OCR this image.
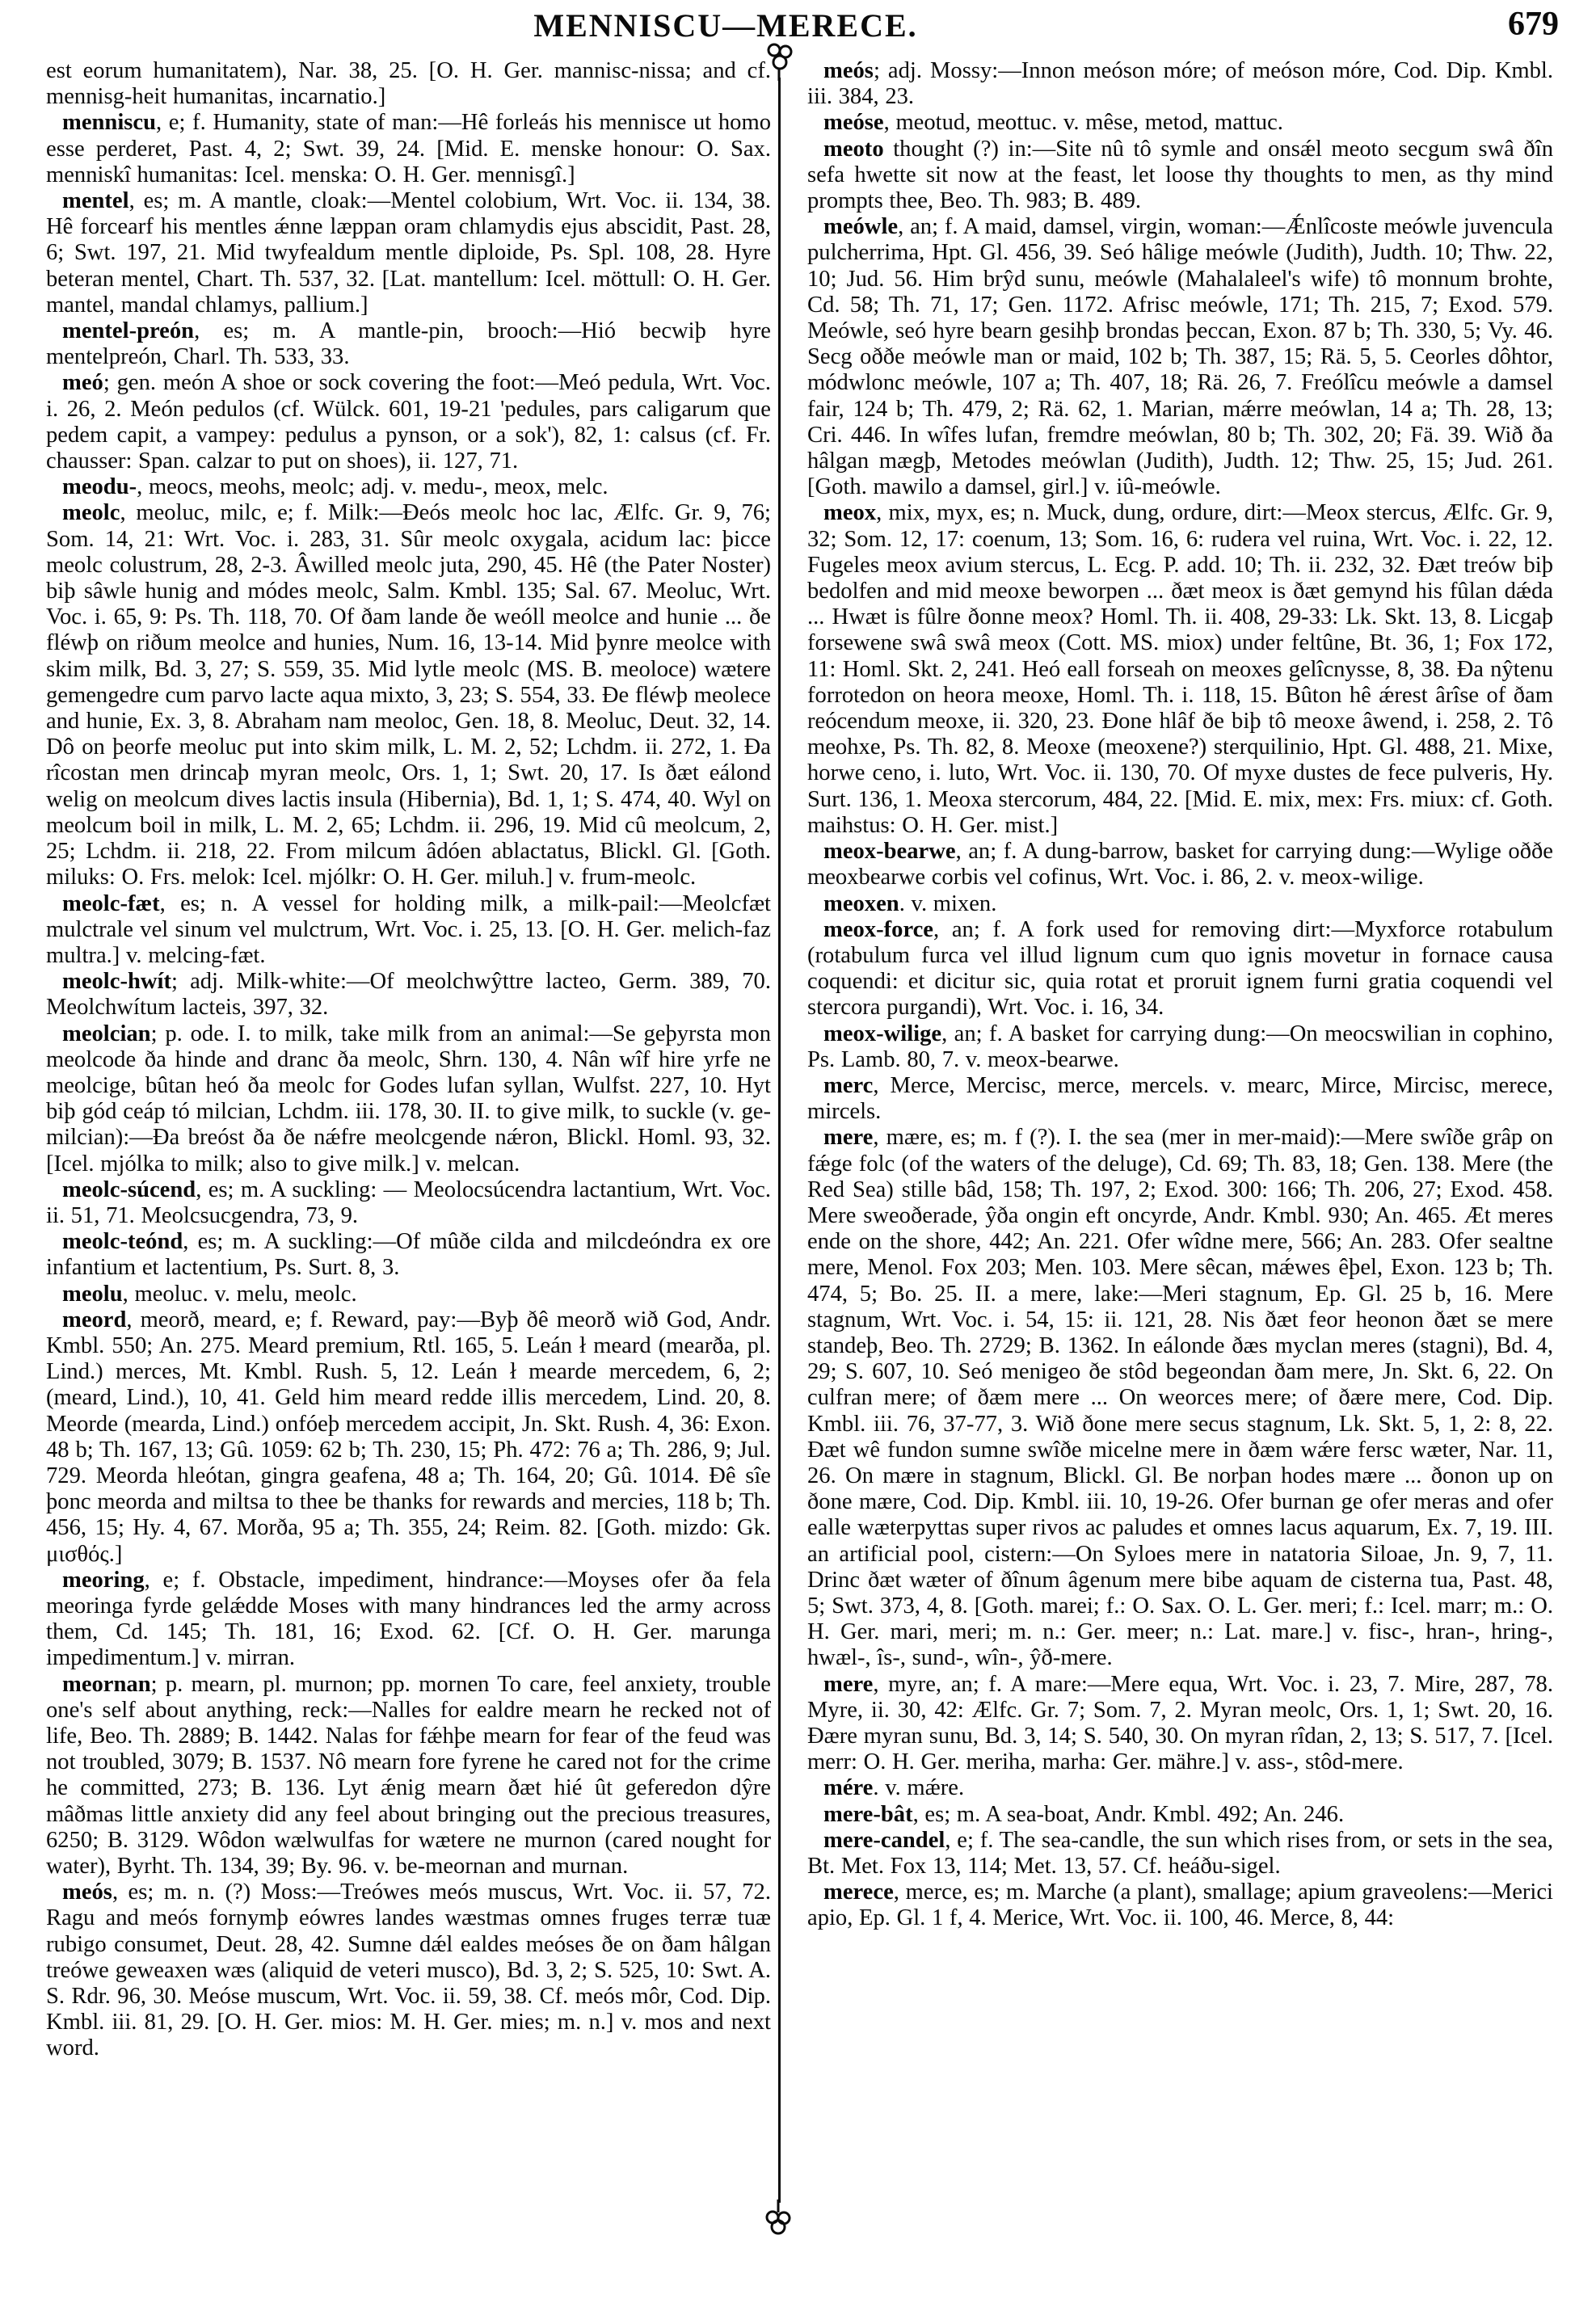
MENNISCU—MERECE.	679

est eorum humanitatem), Nar. 38, 25. [O. H. Ger. mannisc-nissa; and cf. mennisg-heit humanitas, incarnatio.]

menniscu, e; f. Humanity, state of man:—Hê forleás his mennisce ut homo esse perderet, Past. 4, 2; Swt. 39, 24. [Mid. E. menske honour: O. Sax. menniskî humanitas: Icel. menska: O. H. Ger. mennisgî.]

mentel, es; m. A mantle, cloak:—Mentel colobium, Wrt. Voc. ii. 134, 38. Hê forcearf his mentles ǽnne læppan oram chlamydis ejus abscidit, Past. 28, 6; Swt. 197, 21. Mid twyfealdum mentle diploide, Ps. Spl. 108, 28. Hyre beteran mentel, Chart. Th. 537, 32. [Lat. mantellum: Icel. möttull: O. H. Ger. mantel, mandal chlamys, pallium.]

mentel-preón, es; m. A mantle-pin, brooch:—Hió becwiþ hyre mentelpreón, Charl. Th. 533, 33.

meó; gen. meón A shoe or sock covering the foot:—Meó pedula, Wrt. Voc. i. 26, 2. Meón pedulos (cf. Wülck. 601, 19-21 'pedules, pars caligarum que pedem capit, a vampey: pedulus a pynson, or a sok'), 82, 1: calsus (cf. Fr. chausser: Span. calzar to put on shoes), ii. 127, 71.

meodu-, meocs, meohs, meolc; adj. v. medu-, meox, melc.

meolc, meoluc, milc, e; f. Milk:—Ðeós meolc hoc lac, Ælfc. Gr. 9, 76; Som. 14, 21: Wrt. Voc. i. 283, 31. Sûr meolc oxygala, acidum lac: þicce meolc colustrum, 28, 2-3. Âwilled meolc juta, 290, 45. Hê (the Pater Noster) biþ sâwle hunig and módes meolc, Salm. Kmbl. 135; Sal. 67. Meoluc, Wrt. Voc. i. 65, 9: Ps. Th. 118, 70. Of ðam lande ðe weóll meolce and hunie ... ðe fléwþ on riðum meolce and hunies, Num. 16, 13-14. Mid þynre meolce with skim milk, Bd. 3, 27; S. 559, 35. Mid lytle meolc (MS. B. meoloce) wætere gemengedre cum parvo lacte aqua mixto, 3, 23; S. 554, 33. Ðe fléwþ meolece and hunie, Ex. 3, 8. Abraham nam meoloc, Gen. 18, 8. Meoluc, Deut. 32, 14. Dô on þeorfe meoluc put into skim milk, L. M. 2, 52; Lchdm. ii. 272, 1. Ða rîcostan men drincaþ myran meolc, Ors. 1, 1; Swt. 20, 17. Is ðæt eálond welig on meolcum dives lactis insula (Hibernia), Bd. 1, 1; S. 474, 40. Wyl on meolcum boil in milk, L. M. 2, 65; Lchdm. ii. 296, 19. Mid cû meolcum, 2, 25; Lchdm. ii. 218, 22. From milcum âdóen ablactatus, Blickl. Gl. [Goth. miluks: O. Frs. melok: Icel. mjólkr: O. H. Ger. miluh.] v. frum-meolc.

meolc-fæt, es; n. A vessel for holding milk, a milk-pail:—Meolcfæt mulctrale vel sinum vel mulctrum, Wrt. Voc. i. 25, 13. [O. H. Ger. melich-faz multra.] v. melcing-fæt.

meolc-hwít; adj. Milk-white:—Of meolchwŷttre lacteo, Germ. 389, 70. Meolchwítum lacteis, 397, 32.

meolcian; p. ode. I. to milk, take milk from an animal:—Se geþyrsta mon meolcode ða hinde and dranc ða meolc, Shrn. 130, 4. Nân wîf hire yrfe ne meolcige, bûtan heó ða meolc for Godes lufan syllan, Wulfst. 227, 10. Hyt biþ gód ceáp tó milcian, Lchdm. iii. 178, 30. II. to give milk, to suckle (v. ge-milcian):—Ða breóst ða ðe nǽfre meolcgende nǽron, Blickl. Homl. 93, 32. [Icel. mjólka to milk; also to give milk.] v. melcan.

meolc-súcend, es; m. A suckling: — Meolocsúcendra lactantium, Wrt. Voc. ii. 51, 71. Meolcsucgendra, 73, 9.

meolc-teónd, es; m. A suckling:—Of mûðe cilda and milcdeóndra ex ore infantium et lactentium, Ps. Surt. 8, 3.

meolu, meoluc. v. melu, meolc.

meord, meorð, meard, e; f. Reward, pay:—Byþ ðê meorð wið God, Andr. Kmbl. 550; An. 275. Meard premium, Rtl. 165, 5. Leán ł meard (mearða, pl. Lind.) merces, Mt. Kmbl. Rush. 5, 12. Leán ł mearde mercedem, 6, 2; (meard, Lind.), 10, 41. Geld him meard redde illis mercedem, Lind. 20, 8. Meorde (mearda, Lind.) onfóeþ mercedem accipit, Jn. Skt. Rush. 4, 36: Exon. 48 b; Th. 167, 13; Gû. 1059: 62 b; Th. 230, 15; Ph. 472: 76 a; Th. 286, 9; Jul. 729. Meorda hleótan, gingra geafena, 48 a; Th. 164, 20; Gû. 1014. Ðê sîe þonc meorda and miltsa to thee be thanks for rewards and mercies, 118 b; Th. 456, 15; Hy. 4, 67. Morða, 95 a; Th. 355, 24; Reim. 82. [Goth. mizdo: Gk. μισθός.]

meoring, e; f. Obstacle, impediment, hindrance:—Moyses ofer ða fela meoringa fyrde gelǽdde Moses with many hindrances led the army across them, Cd. 145; Th. 181, 16; Exod. 62. [Cf. O. H. Ger. marunga impedimentum.] v. mirran.

meornan; p. mearn, pl. murnon; pp. mornen To care, feel anxiety, trouble one's self about anything, reck:—Nalles for ealdre mearn he recked not of life, Beo. Th. 2889; B. 1442. Nalas for fǽhþe mearn for fear of the feud was not troubled, 3079; B. 1537. Nô mearn fore fyrene he cared not for the crime he committed, 273; B. 136. Lyt ǽnig mearn ðæt hié ût geferedon dŷre mâðmas little anxiety did any feel about bringing out the precious treasures, 6250; B. 3129. Wôdon wælwulfas for wætere ne murnon (cared nought for water), Byrht. Th. 134, 39; By. 96. v. be-meornan and murnan.

meós, es; m. n. (?) Moss:—Treówes meós muscus, Wrt. Voc. ii. 57, 72. Ragu and meós fornymþ eówres landes wæstmas omnes fruges terræ tuæ rubigo consumet, Deut. 28, 42. Sumne dǽl ealdes meóses ðe on ðam hâlgan treówe geweaxen wæs (aliquid de veteri musco), Bd. 3, 2; S. 525, 10: Swt. A. S. Rdr. 96, 30. Meóse muscum, Wrt. Voc. ii. 59, 38. Cf. meós môr, Cod. Dip. Kmbl. iii. 81, 29. [O. H. Ger. mios: M. H. Ger. mies; m. n.] v. mos and next word.

meós; adj. Mossy:—Innon meóson móre; of meóson móre, Cod. Dip. Kmbl. iii. 384, 23.

meóse, meotud, meottuc. v. mêse, metod, mattuc.

meoto thought (?) in:—Site nû tô symle and onsǽl meoto secgum swâ ðîn sefa hwette sit now at the feast, let loose thy thoughts to men, as thy mind prompts thee, Beo. Th. 983; B. 489.

meówle, an; f. A maid, damsel, virgin, woman:—Ǽnlîcoste meówle juvencula pulcherrima, Hpt. Gl. 456, 39. Seó hâlige meówle (Judith), Judth. 10; Thw. 22, 10; Jud. 56. Him brŷd sunu, meówle (Mahalaleel's wife) tô monnum brohte, Cd. 58; Th. 71, 17; Gen. 1172. Afrisc meówle, 171; Th. 215, 7; Exod. 579. Meówle, seó hyre bearn gesihþ brondas þeccan, Exon. 87 b; Th. 330, 5; Vy. 46. Secg oððe meówle man or maid, 102 b; Th. 387, 15; Rä. 5, 5. Ceorles dôhtor, módwlonc meówle, 107 a; Th. 407, 18; Rä. 26, 7. Freólîcu meówle a damsel fair, 124 b; Th. 479, 2; Rä. 62, 1. Marian, mǽrre meówlan, 14 a; Th. 28, 13; Cri. 446. In wîfes lufan, fremdre meówlan, 80 b; Th. 302, 20; Fä. 39. Wið ða hâlgan mægþ, Metodes meówlan (Judith), Judth. 12; Thw. 25, 15; Jud. 261. [Goth. mawilo a damsel, girl.] v. iû-meówle.

meox, mix, myx, es; n. Muck, dung, ordure, dirt:—Meox stercus, Ælfc. Gr. 9, 32; Som. 12, 17: coenum, 13; Som. 16, 6: rudera vel ruina, Wrt. Voc. i. 22, 12. Fugeles meox avium stercus, L. Ecg. P. add. 10; Th. ii. 232, 32. Ðæt treów biþ bedolfen and mid meoxe beworpen ... ðæt meox is ðæt gemynd his fûlan dǽda ... Hwæt is fûlre ðonne meox? Homl. Th. ii. 408, 29-33: Lk. Skt. 13, 8. Licgaþ forsewene swâ swâ meox (Cott. MS. miox) under feltûne, Bt. 36, 1; Fox 172, 11: Homl. Skt. 2, 241. Heó eall forseah on meoxes gelîcnysse, 8, 38. Ða nŷtenu forrotedon on heora meoxe, Homl. Th. i. 118, 15. Bûton hê ǽrest ârîse of ðam reócendum meoxe, ii. 320, 23. Ðone hlâf ðe biþ tô meoxe âwend, i. 258, 2. Tô meohxe, Ps. Th. 82, 8. Meoxe (meoxene?) sterquilinio, Hpt. Gl. 488, 21. Mixe, horwe ceno, i. luto, Wrt. Voc. ii. 130, 70. Of myxe dustes de fece pulveris, Hy. Surt. 136, 1. Meoxa stercorum, 484, 22. [Mid. E. mix, mex: Frs. miux: cf. Goth. maihstus: O. H. Ger. mist.]

meox-bearwe, an; f. A dung-barrow, basket for carrying dung:—Wylige oððe meoxbearwe corbis vel cofinus, Wrt. Voc. i. 86, 2. v. meox-wilige.

meoxen. v. mixen.

meox-force, an; f. A fork used for removing dirt:—Myxforce rotabulum (rotabulum furca vel illud lignum cum quo ignis movetur in fornace causa coquendi: et dicitur sic, quia rotat et proruit ignem furni gratia coquendi vel stercora purgandi), Wrt. Voc. i. 16, 34.

meox-wilige, an; f. A basket for carrying dung:—On meocswilian in cophino, Ps. Lamb. 80, 7. v. meox-bearwe.

merc, Merce, Mercisc, merce, mercels. v. mearc, Mirce, Mircisc, merece, mircels.

mere, mære, es; m. f (?). I. the sea (mer in mer-maid):—Mere swîðe grâp on fǽge folc (of the waters of the deluge), Cd. 69; Th. 83, 18; Gen. 138. Mere (the Red Sea) stille bâd, 158; Th. 197, 2; Exod. 300: 166; Th. 206, 27; Exod. 458. Mere sweoðerade, ŷða ongin eft oncyrde, Andr. Kmbl. 930; An. 465. Æt meres ende on the shore, 442; An. 221. Ofer wîdne mere, 566; An. 283. Ofer sealtne mere, Menol. Fox 203; Men. 103. Mere sêcan, mǽwes êþel, Exon. 123 b; Th. 474, 5; Bo. 25. II. a mere, lake:—Meri stagnum, Ep. Gl. 25 b, 16. Mere stagnum, Wrt. Voc. i. 54, 15: ii. 121, 28. Nis ðæt feor heonon ðæt se mere standeþ, Beo. Th. 2729; B. 1362. In eálonde ðæs myclan meres (stagni), Bd. 4, 29; S. 607, 10. Seó menigeo ðe stôd begeondan ðam mere, Jn. Skt. 6, 22. On culfran mere; of ðæm mere ... On weorces mere; of ðære mere, Cod. Dip. Kmbl. iii. 76, 37-77, 3. Wið ðone mere secus stagnum, Lk. Skt. 5, 1, 2: 8, 22. Ðæt wê fundon sumne swîðe micelne mere in ðæm wǽre fersc wæter, Nar. 11, 26. On mære in stagnum, Blickl. Gl. Be norþan hodes mære ... ðonon up on ðone mære, Cod. Dip. Kmbl. iii. 10, 19-26. Ofer burnan ge ofer meras and ofer ealle wæterpyttas super rivos ac paludes et omnes lacus aquarum, Ex. 7, 19. III. an artificial pool, cistern:—On Syloes mere in natatoria Siloae, Jn. 9, 7, 11. Drinc ðæt wæter of ðînum âgenum mere bibe aquam de cisterna tua, Past. 48, 5; Swt. 373, 4, 8. [Goth. marei; f.: O. Sax. O. L. Ger. meri; f.: Icel. marr; m.: O. H. Ger. mari, meri; m. n.: Ger. meer; n.: Lat. mare.] v. fisc-, hran-, hring-, hwæl-, îs-, sund-, wîn-, ŷð-mere.

mere, myre, an; f. A mare:—Mere equa, Wrt. Voc. i. 23, 7. Mire, 287, 78. Myre, ii. 30, 42: Ælfc. Gr. 7; Som. 7, 2. Myran meolc, Ors. 1, 1; Swt. 20, 16. Ðære myran sunu, Bd. 3, 14; S. 540, 30. On myran rîdan, 2, 13; S. 517, 7. [Icel. merr: O. H. Ger. meriha, marha: Ger. mähre.] v. ass-, stôd-mere.

mére. v. mǽre.

mere-bât, es; m. A sea-boat, Andr. Kmbl. 492; An. 246.

mere-candel, e; f. The sea-candle, the sun which rises from, or sets in the sea, Bt. Met. Fox 13, 114; Met. 13, 57. Cf. heáðu-sigel.

merece, merce, es; m. Marche (a plant), smallage; apium graveolens:—Merici apio, Ep. Gl. 1 f, 4. Merice, Wrt. Voc. ii. 100, 46. Merce, 8, 44:
